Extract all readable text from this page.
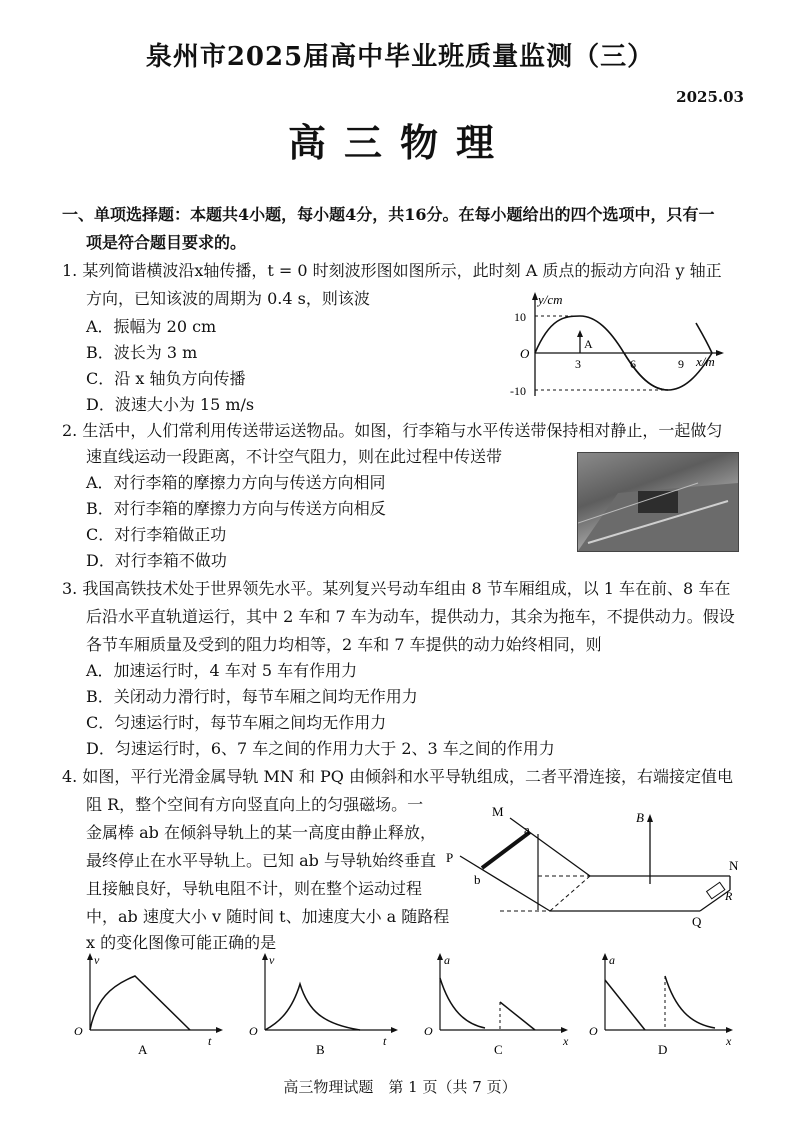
泉州市2025届高中毕业班质量监测（三）
2025.03
高三物理
一、单项选择题：本题共4小题，每小题4分，共16分。在每小题给出的四个选项中，只有一
项是符合题目要求的。
1. 某列简谐横波沿x轴传播，t = 0 时刻波形图如图所示，此时刻 A 质点的振动方向沿 y 轴正
方向，已知该波的周期为 0.4 s，则该波
A．振幅为 20 cm
B．波长为 3 m
C．沿 x 轴负方向传播
D．波速大小为 15 m/s
y/cm
x/m
O
10
-10
3	6	9
A
2. 生活中，人们常利用传送带运送物品。如图，行李箱与水平传送带保持相对静止，一起做匀
速直线运动一段距离，不计空气阻力，则在此过程中传送带
A．对行李箱的摩擦力方向与传送方向相同
B．对行李箱的摩擦力方向与传送方向相反
C．对行李箱做正功
D．对行李箱不做功
3. 我国高铁技术处于世界领先水平。某列复兴号动车组由 8 节车厢组成，以 1 车在前、8 车在
后沿水平直轨道运行，其中 2 车和 7 车为动车，提供动力，其余为拖车，不提供动力。假设
各节车厢质量及受到的阻力均相等，2 车和 7 车提供的动力始终相同，则
A．加速运行时，4 车对 5 车有作用力
B．关闭动力滑行时，每节车厢之间均无作用力
C．匀速运行时，每节车厢之间均无作用力
D．匀速运行时，6、7 车之间的作用力大于 2、3 车之间的作用力
4. 如图，平行光滑金属导轨 MN 和 PQ 由倾斜和水平导轨组成，二者平滑连接，右端接定值电
阻 R，整个空间有方向竖直向上的匀强磁场。一
金属棒 ab 在倾斜导轨上的某一高度由静止释放，
最终停止在水平导轨上。已知 ab 与导轨始终垂直
且接触良好，导轨电阻不计，则在整个运动过程
中，ab 速度大小 v 随时间 t、加速度大小 a 随路程
x 的变化图像可能正确的是
M
N
P
Q
a
b
B
R
v
t
O
A
v
t
O
B
a
x
O
C
a
x
O
D
高三物理试题　第 1 页（共 7 页）
